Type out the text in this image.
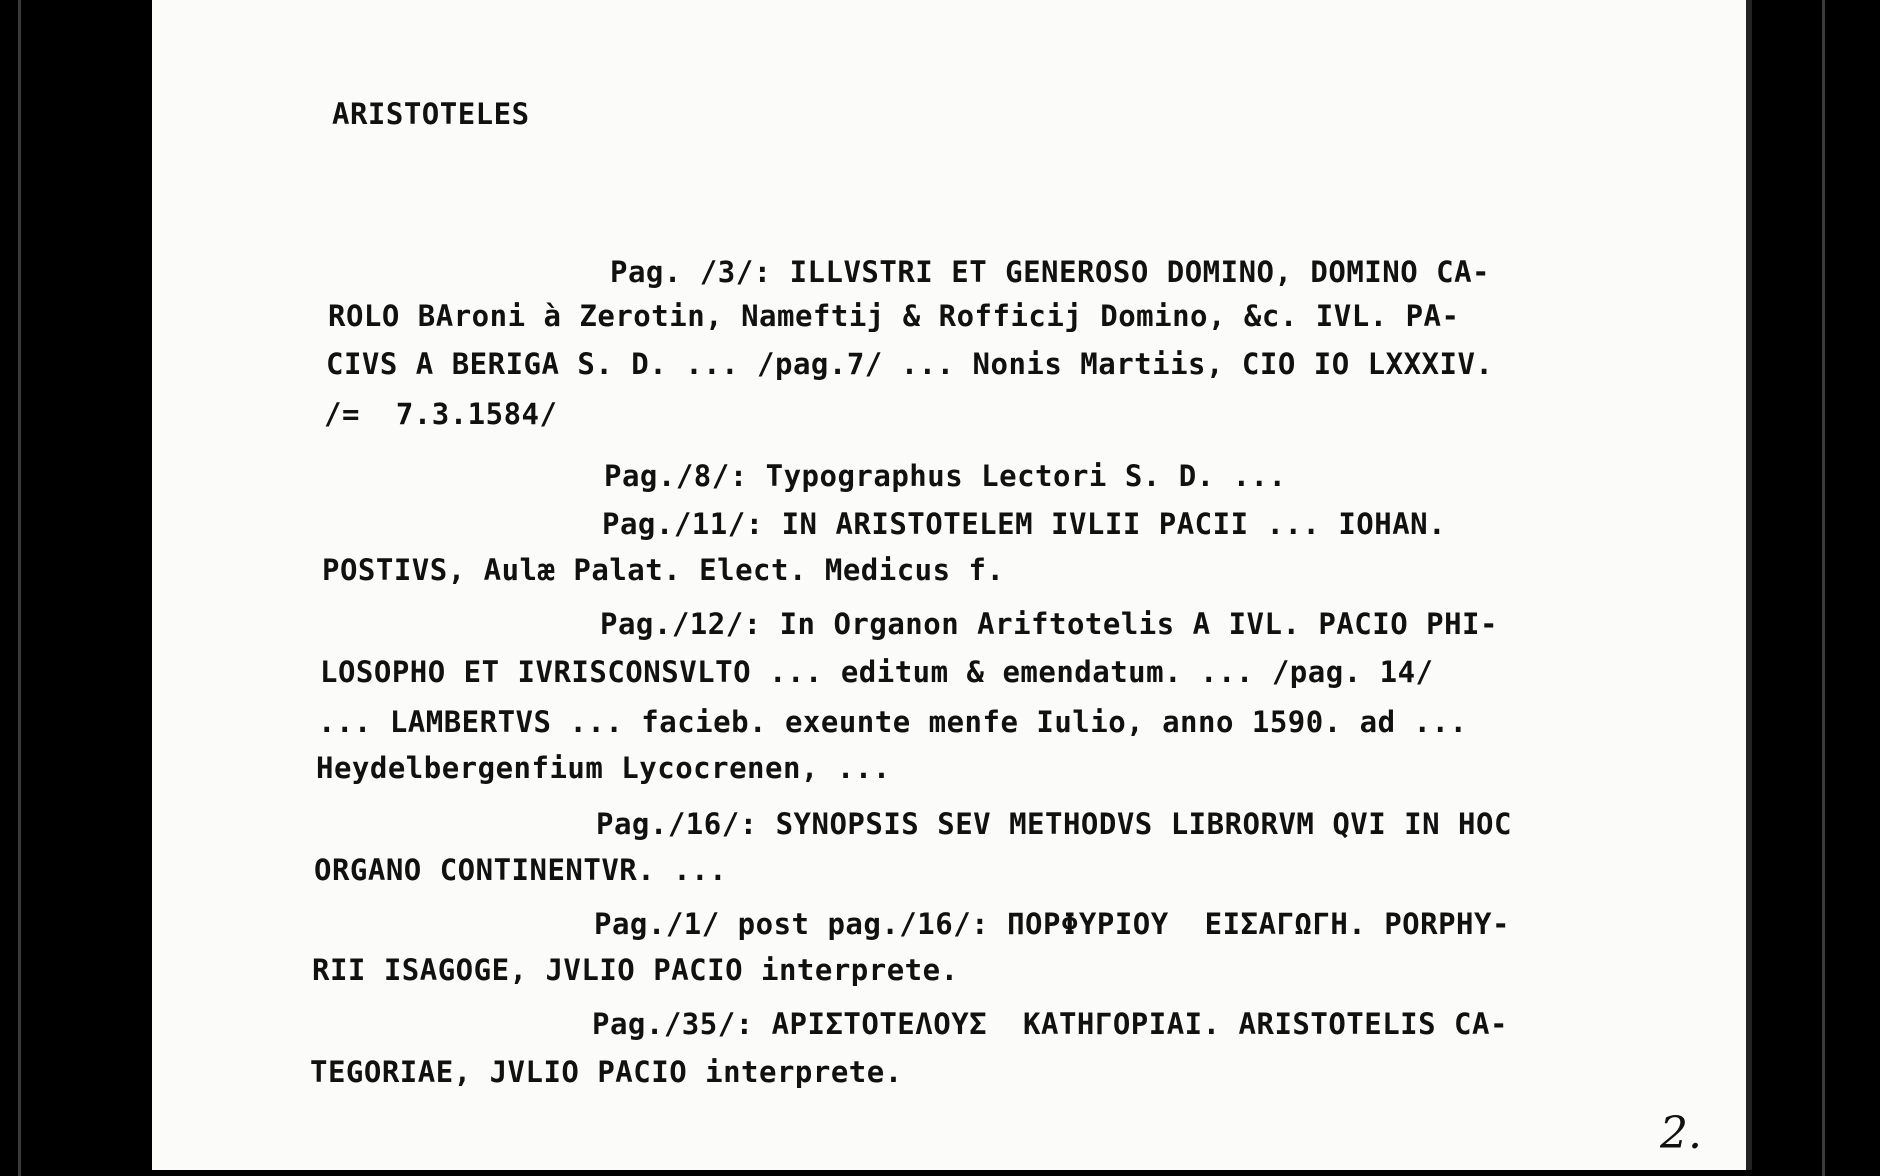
ARISTOTELES
Pag. /3/: ILLVSTRI ET GENEROSO DOMINO, DOMINO CA-
ROLO BAroni à Zerotin, Nameftij & Rofficij Domino, &c. IVL. PA-
CIVS A BERIGA S. D. ... /pag.7/ ... Nonis Martiis, CIO IO LXXXIV.
/=  7.3.1584/
Pag./8/: Typographus Lectori S. D. ...
Pag./11/: IN ARISTOTELEM IVLII PACII ... IOHAN.
POSTIVS, Aulæ Palat. Elect. Medicus f.
Pag./12/: In Organon Ariftotelis A IVL. PACIO PHI-
LOSOPHO ET IVRISCONSVLTO ... editum & emendatum. ... /pag. 14/
... LAMBERTVS ... facieb. exeunte menfe Iulio, anno 1590. ad ...
Heydelbergenfium Lycocrenen, ...
Pag./16/: SYNOPSIS SEV METHODVS LIBRORVM QVI IN HOC
ORGANO CONTINENTVR. ...
Pag./1/ post pag./16/: ΠΟΡΦΥΡΙΟΥ  ΕΙΣΑΓΩΓΗ. PORPHY-
RII ISAGOGE, JVLIO PACIO interprete.
Pag./35/: ΑΡΙΣΤΟΤΕΛΟΥΣ  ΚΑΤΗΓΟΡΙΑΙ. ARISTOTELIS CA-
TEGORIAE, JVLIO PACIO interprete.
2.
